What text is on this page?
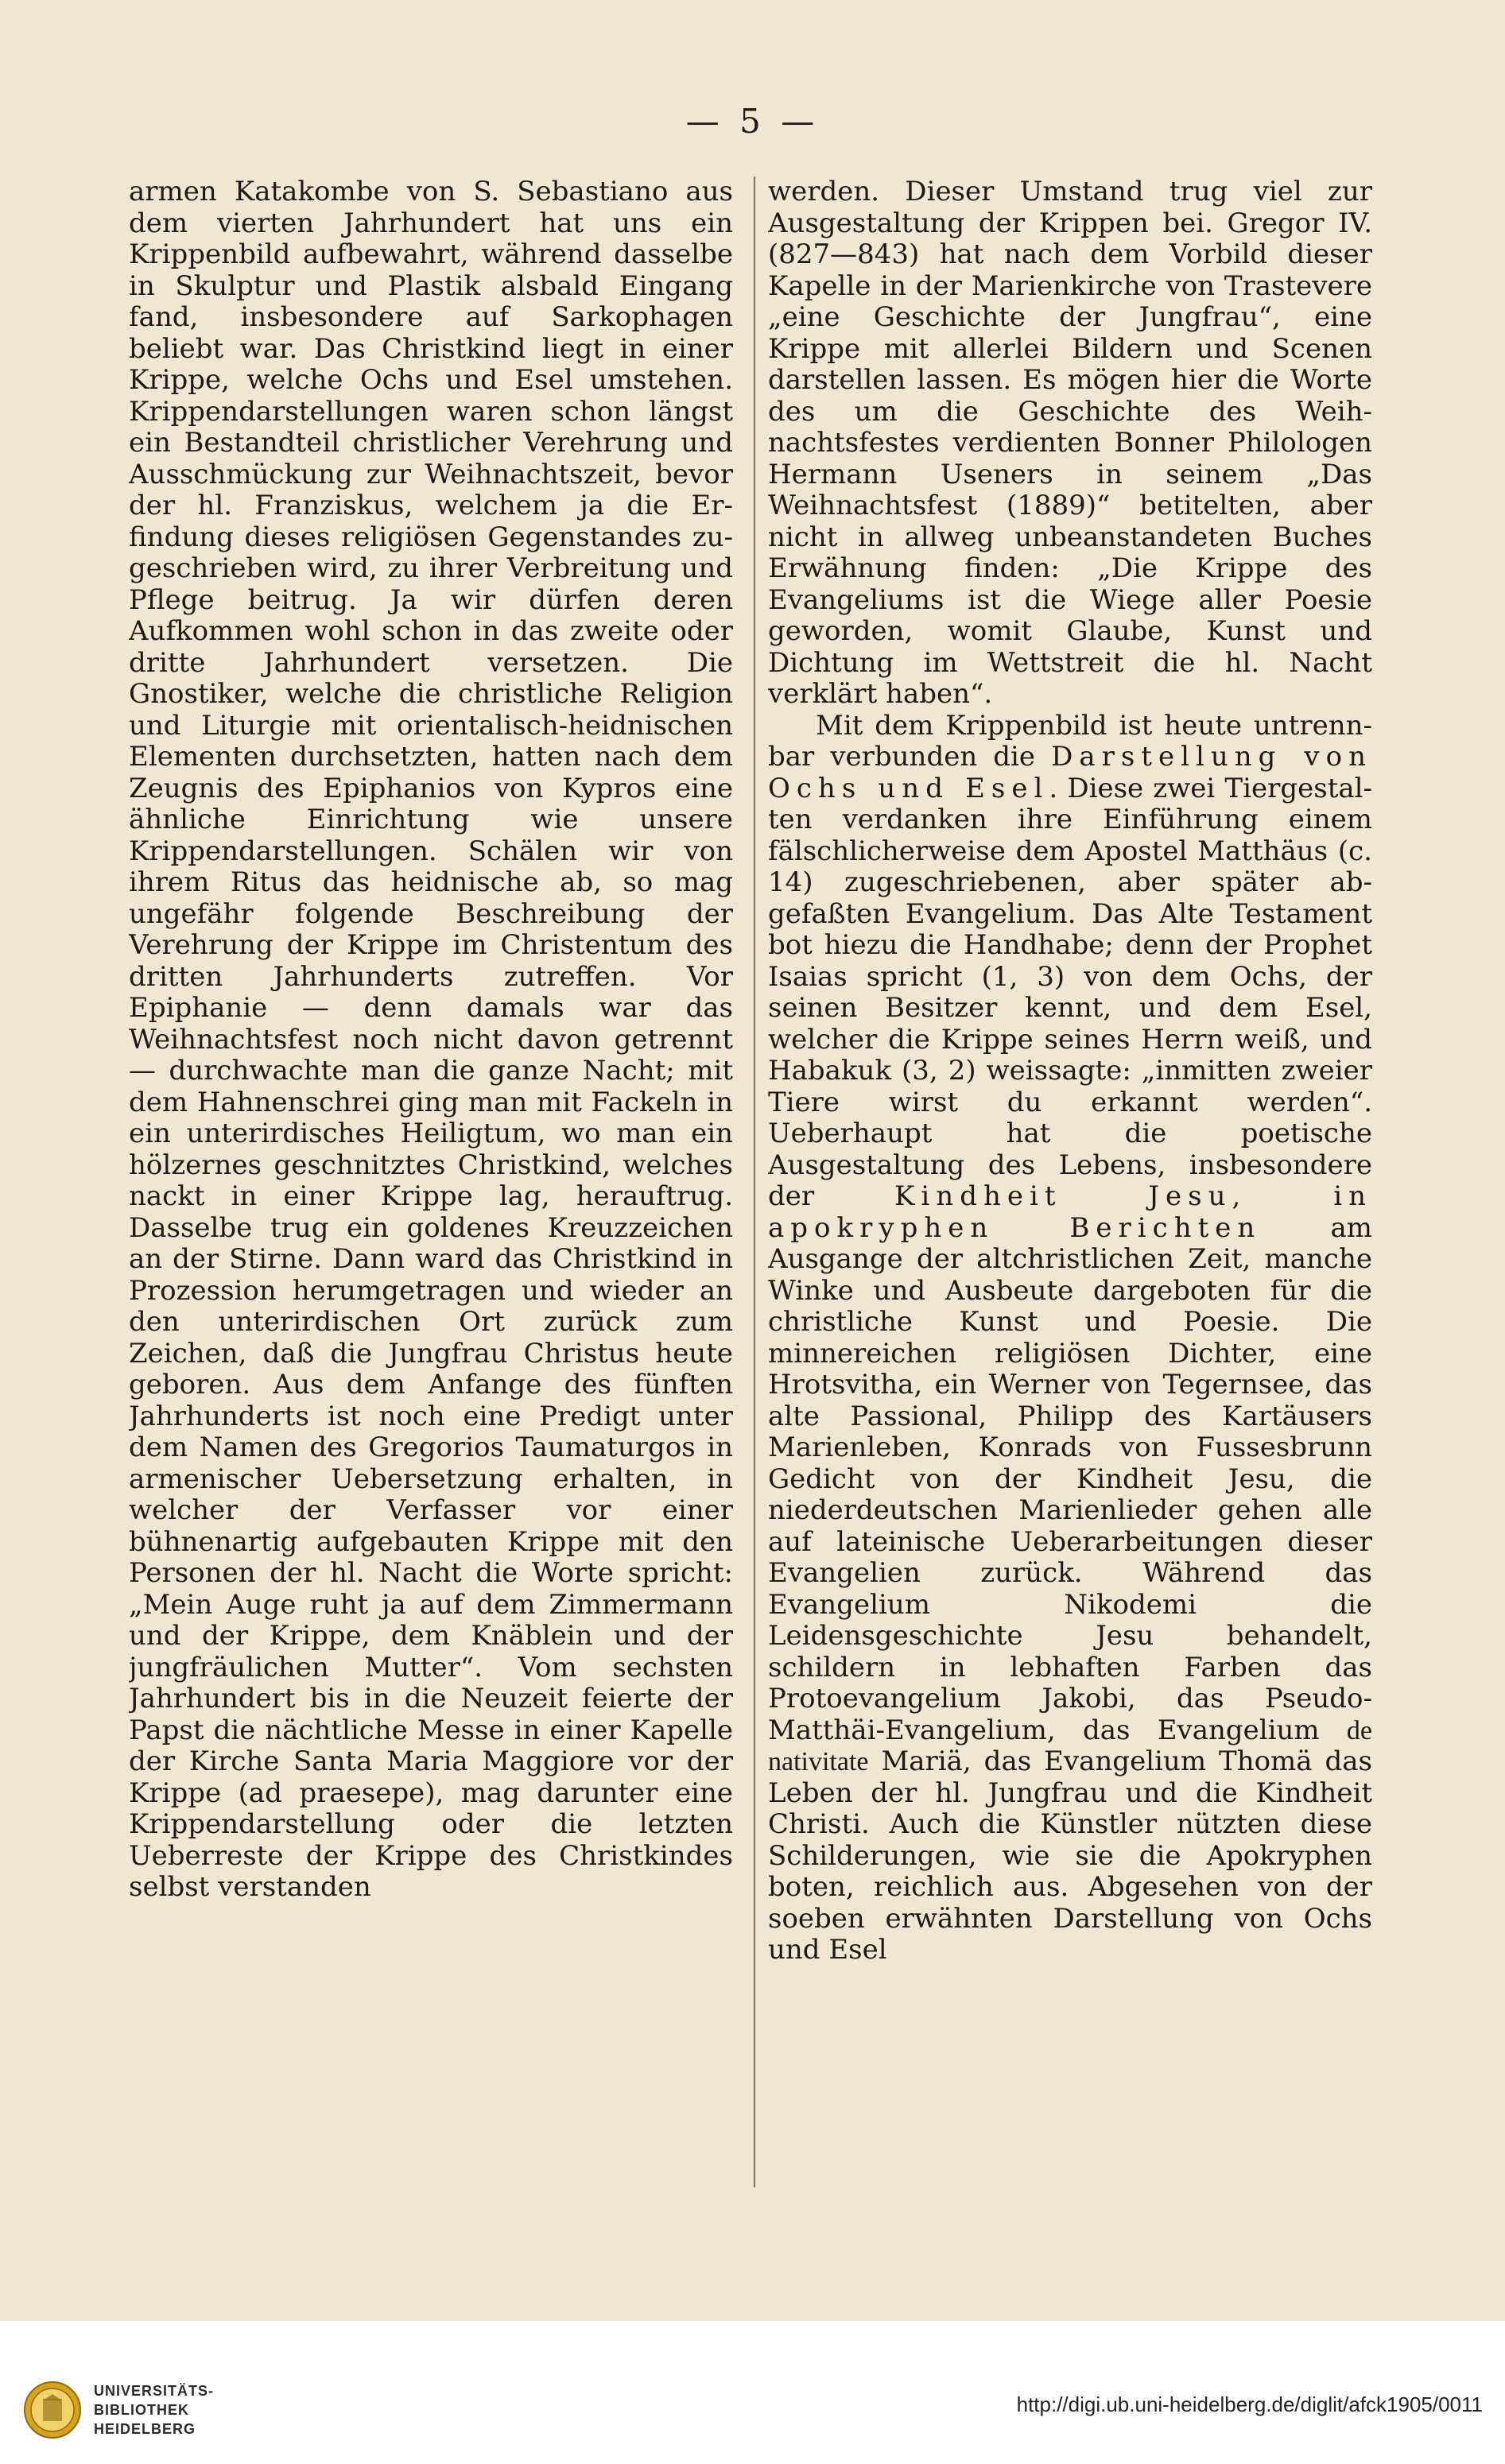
— 5 —

armen Katakombe von S. Sebastiano aus dem vierten Jahrhundert hat uns ein Krippenbild aufbewahrt, während dasselbe in Skulptur und Plastik alsbald Eingang fand, insbesondere auf Sarkophagen beliebt war. Das Christkind liegt in einer Krippe, welche Ochs und Esel umstehen. Krippendarstellungen waren schon längst ein Bestandteil christlicher Verehrung und Ausschmückung zur Weihnachtszeit, bevor der hl. Franziskus, welchem ja die Erfindung dieses religiösen Gegenstandes zugeschrieben wird, zu ihrer Verbreitung und Pflege beitrug. Ja wir dürfen deren Aufkommen wohl schon in das zweite oder dritte Jahrhundert versetzen. Die Gnostiker, welche die christliche Religion und Liturgie mit orientalisch-heidnischen Elementen durchsetzten, hatten nach dem Zeugnis des Epiphanios von Kypros eine ähnliche Einrichtung wie unsere Krippendarstellungen. Schälen wir von ihrem Ritus das heidnische ab, so mag ungefähr folgende Beschreibung der Verehrung der Krippe im Christentum des dritten Jahrhunderts zutreffen. Vor Epiphanie — denn damals war das Weihnachtsfest noch nicht davon getrennt — durchwachte man die ganze Nacht; mit dem Hahnenschrei ging man mit Fackeln in ein unterirdisches Heiligtum, wo man ein hölzernes geschnitztes Christkind, welches nackt in einer Krippe lag, herauftrug. Dasselbe trug ein goldenes Kreuzzeichen an der Stirne. Dann ward das Christkind in Prozession herumgetragen und wieder an den unterirdischen Ort zurück zum Zeichen, daß die Jungfrau Christus heute geboren. Aus dem Anfange des fünften Jahrhunderts ist noch eine Predigt unter dem Namen des Gregorios Taumaturgos in armenischer Uebersetzung erhalten, in welcher der Verfasser vor einer bühnenartig aufgebauten Krippe mit den Personen der hl. Nacht die Worte spricht: „Mein Auge ruht ja auf dem Zimmermann und der Krippe, dem Knäblein und der jungfräulichen Mutter“. Vom sechsten Jahrhundert bis in die Neuzeit feierte der Papst die nächtliche Messe in einer Kapelle der Kirche Santa Maria Maggiore vor der Krippe (ad praesepe), mag darunter eine Krippendarstellung oder die letzten Ueberreste der Krippe des Christkindes selbst verstanden

werden. Dieser Umstand trug viel zur Ausgestaltung der Krippen bei. Gregor IV. (827—843) hat nach dem Vorbild dieser Kapelle in der Marienkirche von Trastevere „eine Geschichte der Jungfrau“, eine Krippe mit allerlei Bildern und Scenen darstellen lassen. Es mögen hier die Worte des um die Geschichte des Weihnachtsfestes verdienten Bonner Philologen Hermann Useners in seinem „Das Weihnachtsfest (1889)“ betitelten, aber nicht in allweg unbeanstandeten Buches Erwähnung finden: „Die Krippe des Evangeliums ist die Wiege aller Poesie geworden, womit Glaube, Kunst und Dichtung im Wettstreit die hl. Nacht verklärt haben“.

Mit dem Krippenbild ist heute untrennbar verbunden die Darstellung von Ochs und Esel. Diese zwei Tiergestalten verdanken ihre Einführung einem fälschlicherweise dem Apostel Matthäus (c. 14) zugeschriebenen, aber später abgefaßten Evangelium. Das Alte Testament bot hiezu die Handhabe; denn der Prophet Isaias spricht (1, 3) von dem Ochs, der seinen Besitzer kennt, und dem Esel, welcher die Krippe seines Herrn weiß, und Habakuk (3, 2) weissagte: „inmitten zweier Tiere wirst du erkannt werden“. Ueberhaupt hat die poetische Ausgestaltung des Lebens, insbesondere der Kindheit Jesu, in apokryphen Berichten am Ausgange der altchristlichen Zeit, manche Winke und Ausbeute dargeboten für die christliche Kunst und Poesie. Die minnereichen religiösen Dichter, eine Hrotsvitha, ein Werner von Tegernsee, das alte Passional, Philipp des Kartäusers Marienleben, Konrads von Fussesbrunn Gedicht von der Kindheit Jesu, die niederdeutschen Marienlieder gehen alle auf lateinische Ueberarbeitungen dieser Evangelien zurück. Während das Evangelium Nikodemi die Leidensgeschichte Jesu behandelt, schildern in lebhaften Farben das Protoevangelium Jakobi, das Pseudo-Matthäi-Evangelium, das Evangelium de nativitate Mariä, das Evangelium Thomä das Leben der hl. Jungfrau und die Kindheit Christi. Auch die Künstler nützten diese Schilderungen, wie sie die Apokryphen boten, reichlich aus. Abgesehen von der soeben erwähnten Darstellung von Ochs und Esel

UNIVERSITÄTS-
BIBLIOTHEK
HEIDELBERG
http://digi.ub.uni-heidelberg.de/diglit/afck1905/0011
